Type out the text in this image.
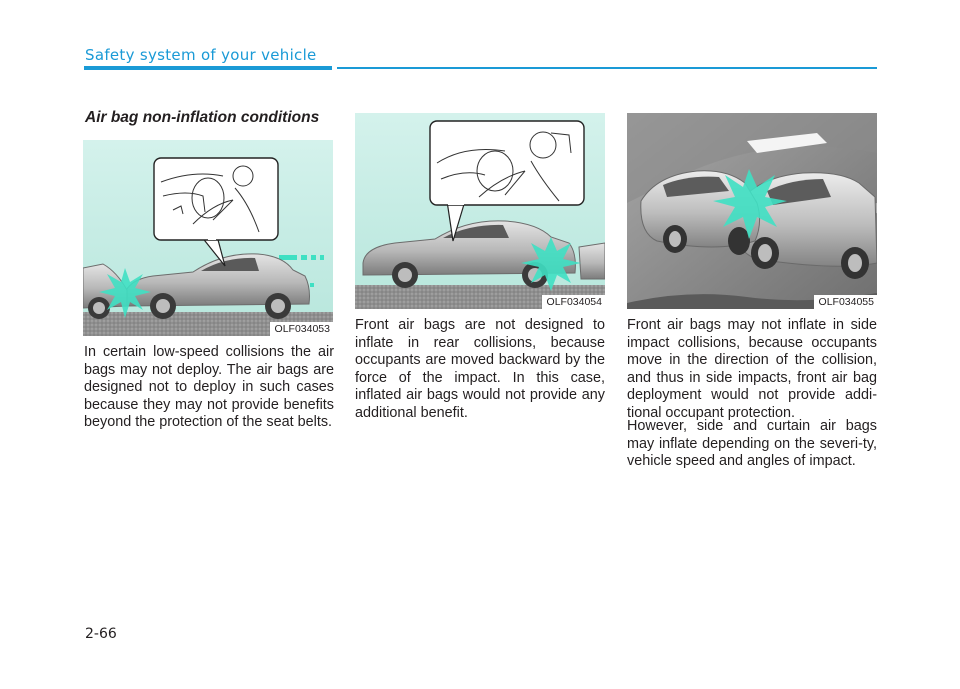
Safety system of your vehicle
Air bag non-inflation conditions
OLF034053
OLF034054	OLF034055

In certain low-speed collisions the air bags may not deploy. The air bags are designed not to deploy in such cases because they may not provide benefits beyond the protection of the seat belts.

Front air bags are not designed to inflate in rear collisions, because occupants are moved backward by the force of the impact. In this case, inflated air bags would not provide any additional benefit.

Front air bags may not inflate in side impact collisions, because occupants move in the direction of the collision, and thus in side impacts, front air bag deployment would not provide addi-tional occupant protection.

However, side and curtain air bags may inflate depending on the severi-ty, vehicle speed and angles of impact.

2-66
